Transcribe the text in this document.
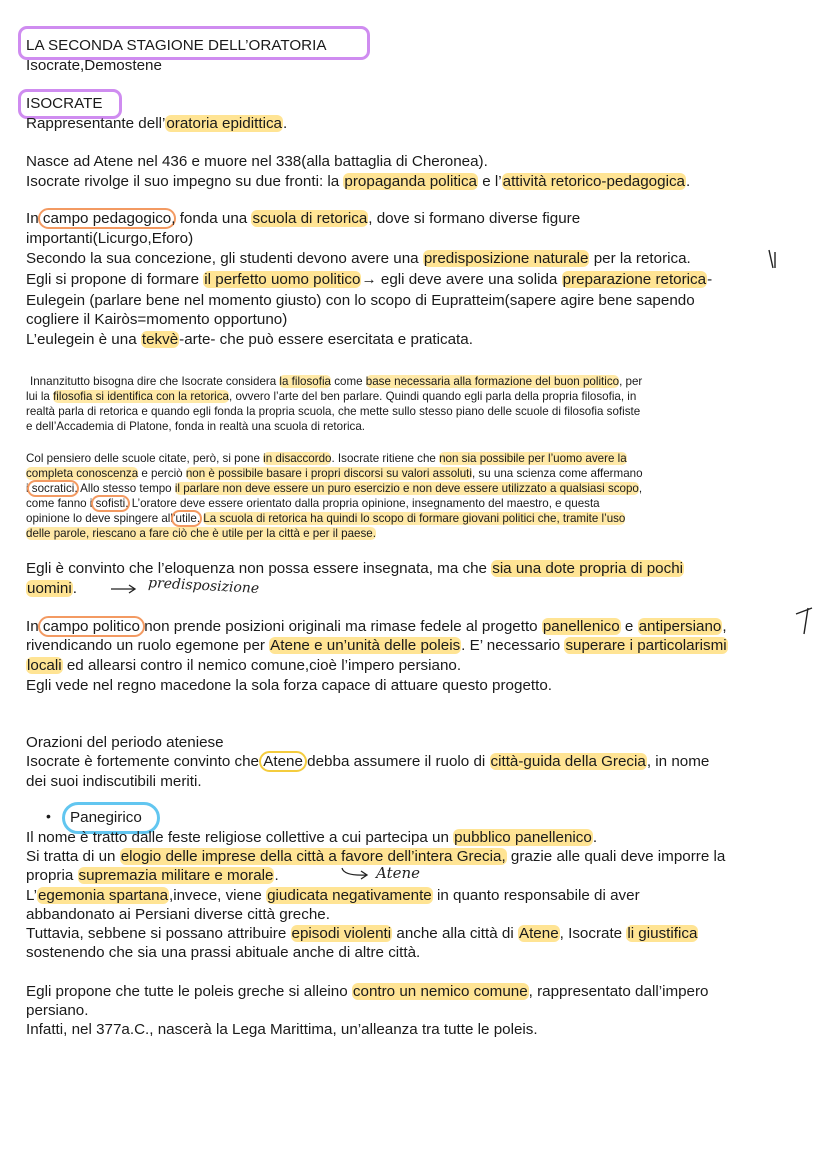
LA SECONDA STAGIONE DELL’ORATORIA
Isocrate,Demostene
ISOCRATE
Rappresentante dell’oratoria epidittica.
Nasce ad Atene nel 436 e muore nel 338(alla battaglia di Cheronea).
Isocrate rivolge il suo impegno su due fronti: la propaganda politica e l’attività retorico-pedagogica.
In campo pedagogico, fonda una scuola di retorica, dove si formano diverse figure
importanti(Licurgo,Eforo)
Secondo la sua concezione, gli studenti devono avere una predisposizione naturale per la retorica.
Egli si propone di formare il perfetto uomo politico→ egli deve avere una solida preparazione retorica-
Eulegein (parlare bene nel momento giusto) con lo scopo di Eupratteim(sapere agire bene sapendo
cogliere il Kairòs=momento opportuno)
L’eulegein è una tekvè-arte- che può essere esercitata e praticata.
Innanzitutto bisogna dire che Isocrate considera la filosofia come base necessaria alla formazione del buon politico, per
lui la filosofia si identifica con la retorica, ovvero l’arte del ben parlare. Quindi quando egli parla della propria filosofia, in
realtà parla di retorica e quando egli fonda la propria scuola, che mette sullo stesso piano delle scuole di filosofia sofiste
e dell’Accademia di Platone, fonda in realtà una scuola di retorica.
Col pensiero delle scuole citate, però, si pone in disaccordo. Isocrate ritiene che non sia possibile per l’uomo avere la
completa conoscenza e perciò non è possibile basare i propri discorsi su valori assoluti, su una scienza come affermano
i socratici. Allo stesso tempo il parlare non deve essere un puro esercizio e non deve essere utilizzato a qualsiasi scopo,
come fanno i sofisti. L’oratore deve essere orientato dalla propria opinione, insegnamento del maestro, e questa
opinione lo deve spingere all’utile. La scuola di retorica ha quindi lo scopo di formare giovani politici che, tramite l’uso
delle parole, riescano a fare ciò che è utile per la città e per il paese.
Egli è convinto che l’eloquenza non possa essere insegnata, ma che sia una dote propria di pochi
uomini.	predisposizione
In campo politico non prende posizioni originali ma rimase fedele al progetto panellenico e antipersiano,
rivendicando un ruolo egemone per Atene e un’unità delle poleis. E’ necessario superare i particolarismi
locali ed allearsi contro il nemico comune,cioè l’impero persiano.
Egli vede nel regno macedone la sola forza capace di attuare questo progetto.
Orazioni del periodo ateniese
Isocrate è fortemente convinto che Atene debba assumere il ruolo di città-guida della Grecia, in nome
dei suoi indiscutibili meriti.
• Panegirico
Il nome è tratto dalle feste religiose collettive a cui partecipa un pubblico panellenico.
Si tratta di un elogio delle imprese della città a favore dell’intera Grecia, grazie alle quali deve imporre la
propria supremazia militare e morale.	Atene
L’egemonia spartana,invece, viene giudicata negativamente in quanto responsabile di aver
abbandonato ai Persiani diverse città greche.
Tuttavia, sebbene si possano attribuire episodi violenti anche alla città di Atene, Isocrate li giustifica
sostenendo che sia una prassi abituale anche di altre città.
Egli propone che tutte le poleis greche si alleino contro un nemico comune, rappresentato dall’impero
persiano.
Infatti, nel 377a.C., nascerà la Lega Marittima, un’alleanza tra tutte le poleis.
